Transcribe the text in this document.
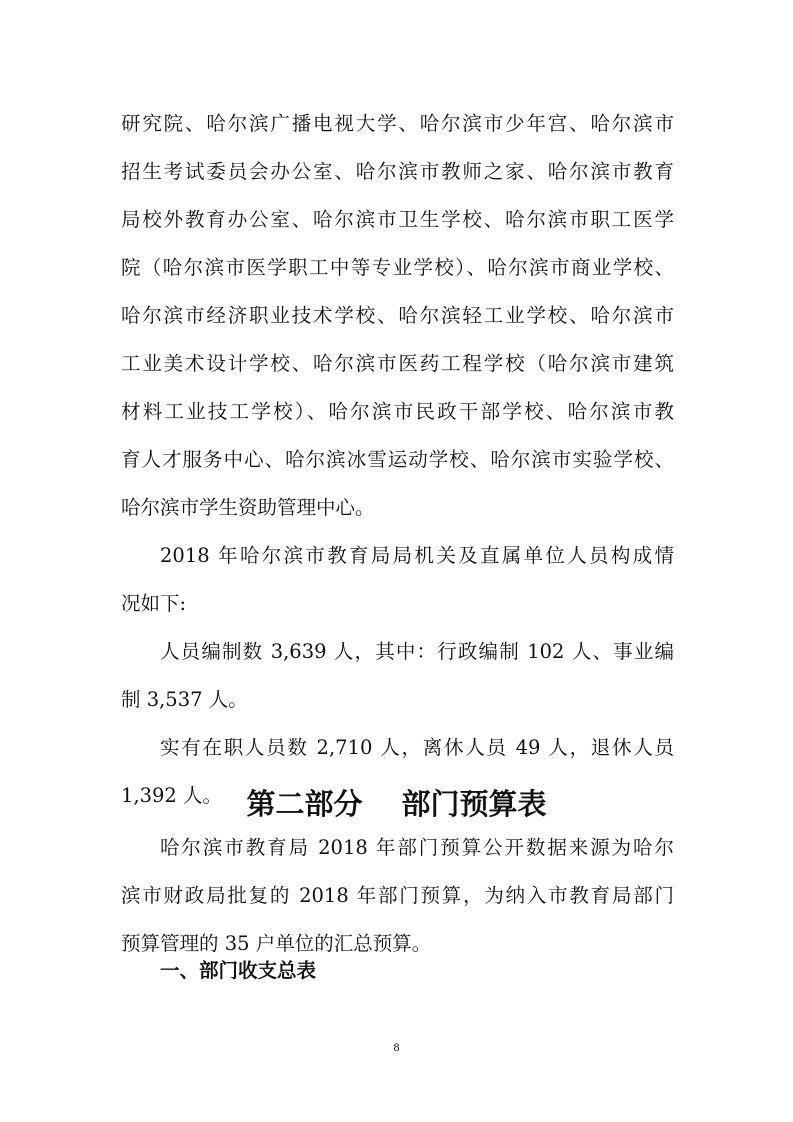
研究院、哈尔滨广播电视大学、哈尔滨市少年宫、哈尔滨市
招生考试委员会办公室、哈尔滨市教师之家、哈尔滨市教育
局校外教育办公室、哈尔滨市卫生学校、哈尔滨市职工医学
院（哈尔滨市医学职工中等专业学校）、哈尔滨市商业学校、
哈尔滨市经济职业技术学校、哈尔滨轻工业学校、哈尔滨市
工业美术设计学校、哈尔滨市医药工程学校（哈尔滨市建筑
材料工业技工学校）、哈尔滨市民政干部学校、哈尔滨市教
育人才服务中心、哈尔滨冰雪运动学校、哈尔滨市实验学校、
哈尔滨市学生资助管理中心。
2018 年哈尔滨市教育局局机关及直属单位人员构成情
况如下:
人员编制数 3,639 人，其中：行政编制 102 人、事业编
制 3,537 人。
实有在职人员数 2,710 人，离休人员 49 人，退休人员
1,392 人。 第二部分　 部门预算表
哈尔滨市教育局 2018 年部门预算公开数据来源为哈尔
滨市财政局批复的 2018 年部门预算，为纳入市教育局部门
预算管理的 35 户单位的汇总预算。
一、部门收支总表
8
